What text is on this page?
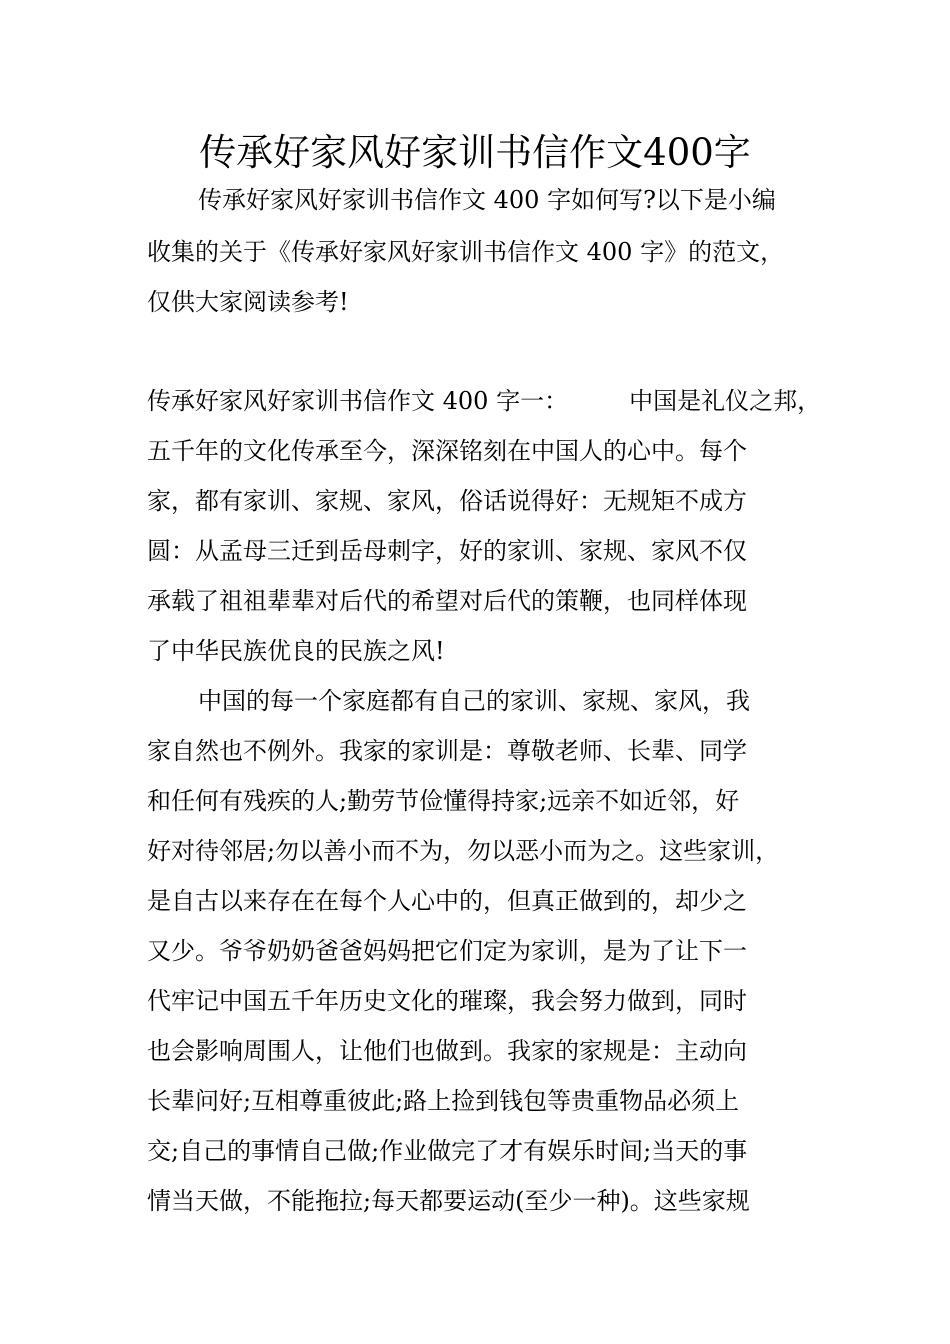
传承好家风好家训书信作文400字

传承好家风好家训书信作文 400 字如何写?以下是小编

收集的关于《传承好家风好家训书信作文 400 字》的范文，

仅供大家阅读参考!

传承好家风好家训书信作文 400 字一：        中国是礼仪之邦，

五千年的文化传承至今，深深铭刻在中国人的心中。每个

家，都有家训、家规、家风，俗话说得好：无规矩不成方

圆：从孟母三迁到岳母刺字，好的家训、家规、家风不仅

承载了祖祖辈辈对后代的希望对后代的策鞭，也同样体现

了中华民族优良的民族之风!

中国的每一个家庭都有自己的家训、家规、家风，我

家自然也不例外。我家的家训是：尊敬老师、长辈、同学

和任何有残疾的人;勤劳节俭懂得持家;远亲不如近邻，好

好对待邻居;勿以善小而不为，勿以恶小而为之。这些家训，

是自古以来存在在每个人心中的，但真正做到的，却少之

又少。爷爷奶奶爸爸妈妈把它们定为家训，是为了让下一

代牢记中国五千年历史文化的璀璨，我会努力做到，同时

也会影响周围人，让他们也做到。我家的家规是：主动向

长辈问好;互相尊重彼此;路上捡到钱包等贵重物品必须上

交;自己的事情自己做;作业做完了才有娱乐时间;当天的事

情当天做，不能拖拉;每天都要运动(至少一种)。这些家规
